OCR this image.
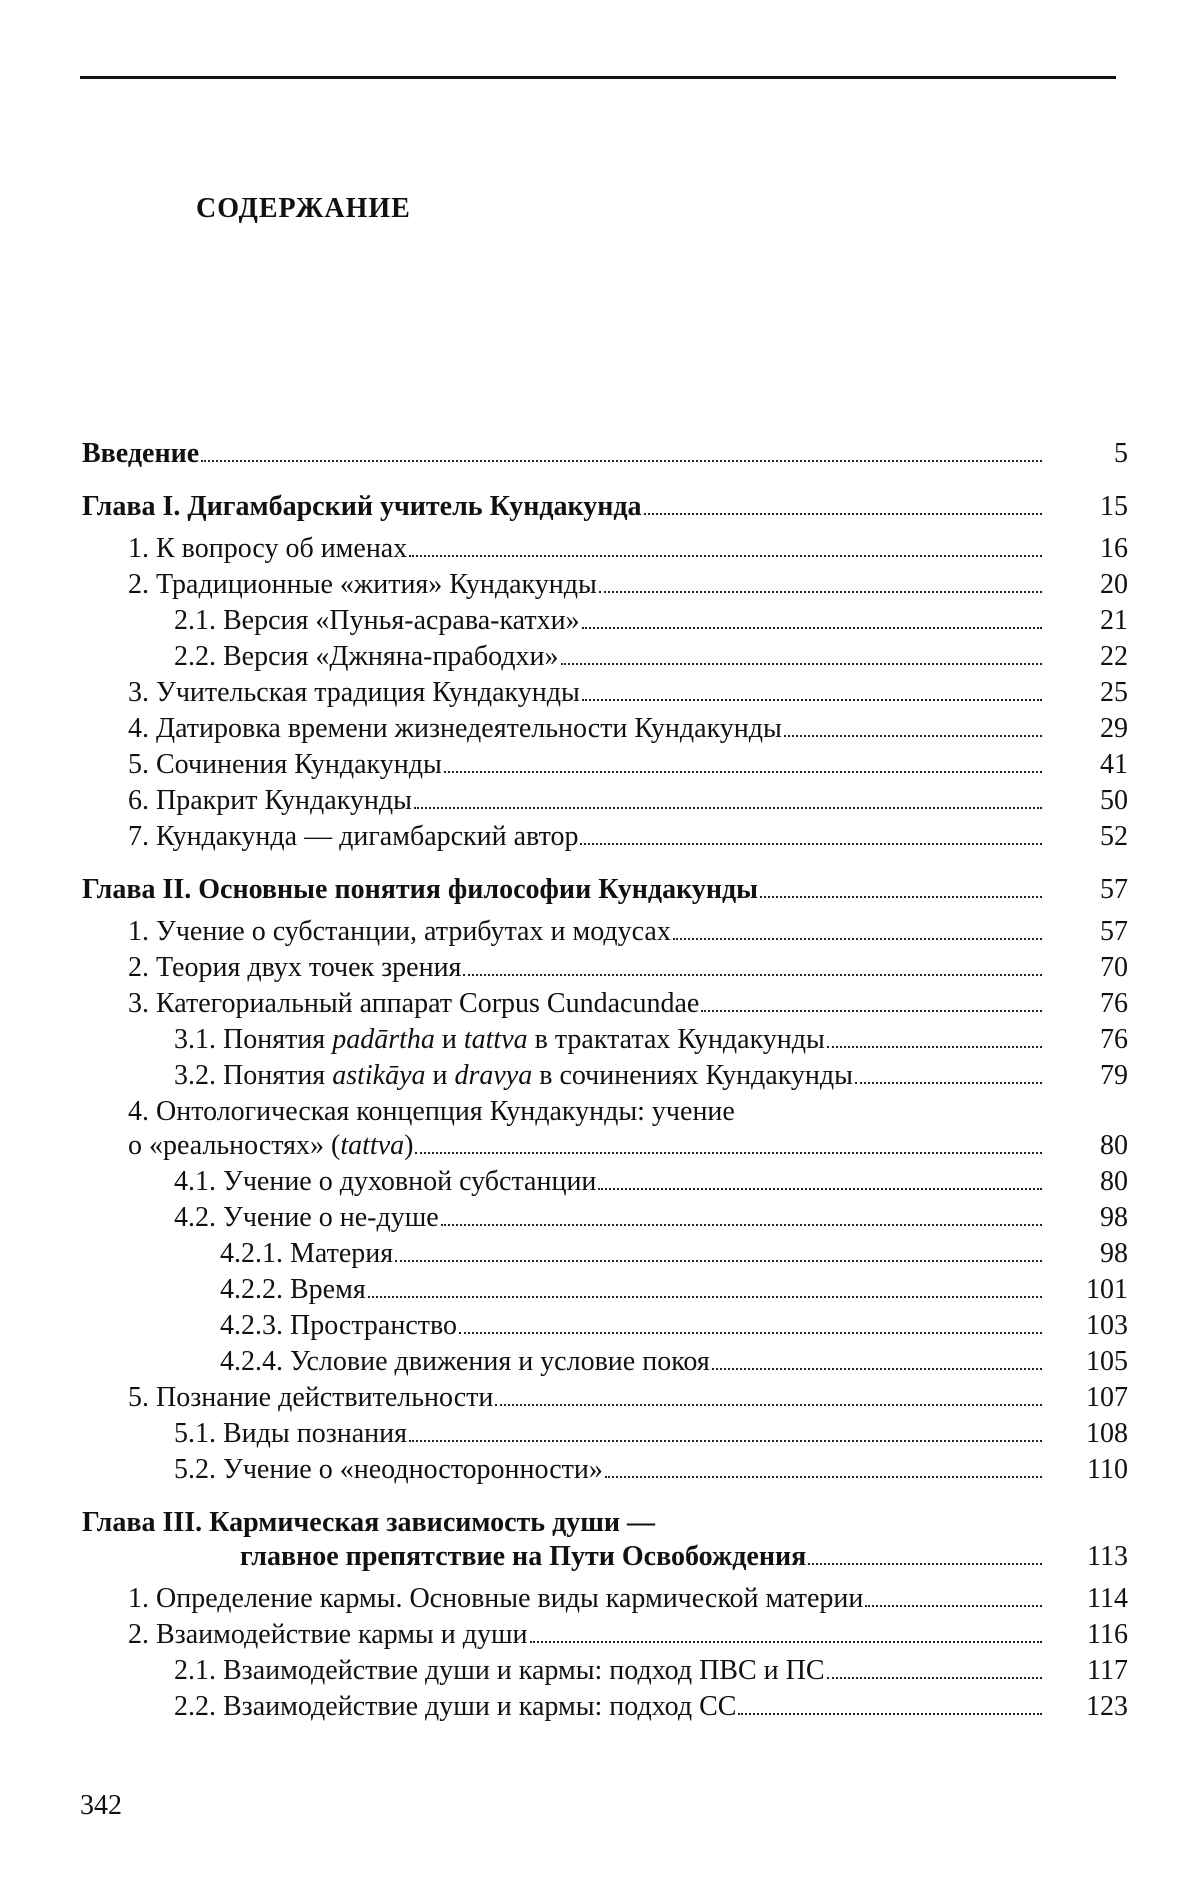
СОДЕРЖАНИЕ
Введение	5
Глава I. Дигамбарский учитель Кундакунда	15
1. К вопросу об именах	16
2. Традиционные «жития» Кундакунды	20
2.1. Версия «Пунья-асрава-катхи»	21
2.2. Версия «Джняна-прабодхи»	22
3. Учительская традиция Кундакунды	25
4. Датировка времени жизнедеятельности Кундакунды	29
5. Сочинения Кундакунды	41
6. Пракрит Кундакунды	50
7. Кундакунда — дигамбарский автор	52
Глава II. Основные понятия философии Кундакунды	57
1. Учение о субстанции, атрибутах и модусах	57
2. Теория двух точек зрения	70
3. Категориальный аппарат Corpus Cundacundae	76
3.1. Понятия padārtha и tattva в трактатах Кундакунды	76
3.2. Понятия astikāya и dravya в сочинениях Кундакунды	79
4. Онтологическая концепция Кундакунды: учение
о «реальностях» (tattva)	80
4.1. Учение о духовной субстанции	80
4.2. Учение о не-душе	98
4.2.1. Материя	98
4.2.2. Время	101
4.2.3. Пространство	103
4.2.4. Условие движения и условие покоя	105
5. Познание действительности	107
5.1. Виды познания	108
5.2. Учение о «неодносторонности»	110
Глава III. Кармическая зависимость души —
главное препятствие на Пути Освобождения	113
1. Определение кармы. Основные виды кармической материи	114
2. Взаимодействие кармы и души	116
2.1. Взаимодействие души и кармы: подход ПВС и ПС	117
2.2. Взаимодействие души и кармы: подход СС	123
342
